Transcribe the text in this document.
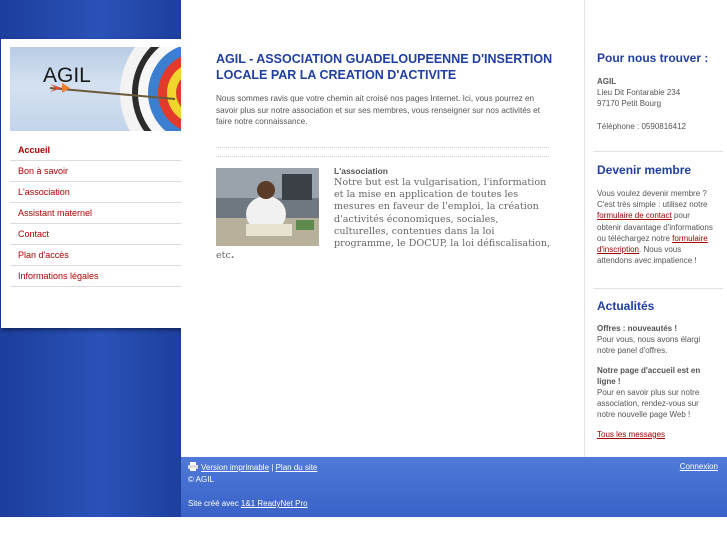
AGIL
Accueil
Bon à savoir
L'association
Assistant maternel
Contact
Plan d'accès
Informations légales
AGIL - ASSOCIATION GUADELOUPEENNE D'INSERTION LOCALE PAR LA CREATION D'ACTIVITE
Nous sommes ravis que votre chemin ait croisé nos pages Internet. Ici, vous pourrez en savoir plus sur notre association et sur ses membres, vous renseigner sur nos activités et faire notre connaissance.
L'association
Notre but est la vulgarisation, l'information et la mise en application de toutes les mesures en faveur de l'emploi, la création d'activités économiques, sociales, culturelles, contenues dans la loi programme, le DOCUP, la loi défiscalisation, etc.
Pour nous trouver :
AGIL
Lieu Dit Fontarabie 234
97170 Petit Bourg

Téléphone : 0590816412
Devenir membre
Vous voulez devenir membre ? C'est très simple : utilisez notre formulaire de contact pour obtenir davantage d'informations ou téléchargez notre formulaire d'inscription. Nous vous attendons avec impatience !
Actualités
Offres : nouveautés !
Pour vous, nous avons élargi notre panel d'offres.
Notre page d'accueil est en ligne !
Pour en savoir plus sur notre association, rendez-vous sur notre nouvelle page Web !
Tous les messages
Version imprimable | Plan du site
© AGIL
Site créé avec 1&1 ReadyNet Pro
Connexion
